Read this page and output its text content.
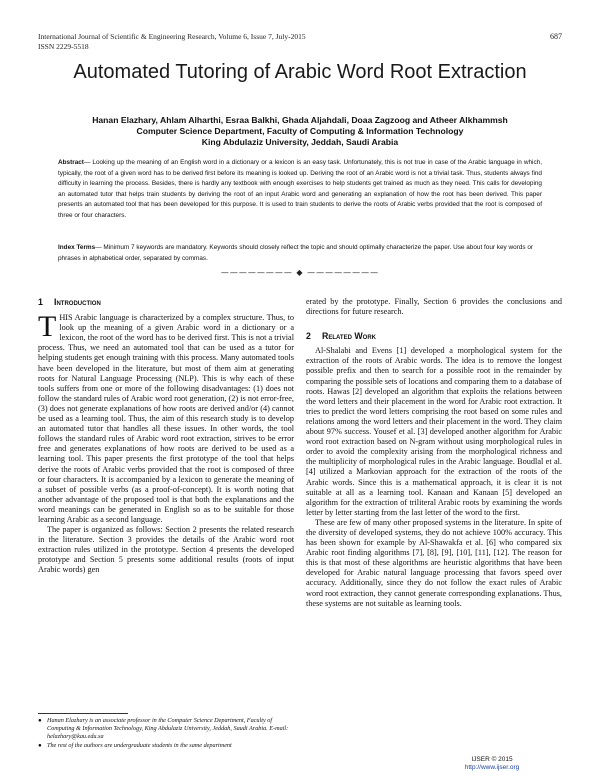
International Journal of Scientific & Engineering Research, Volume 6, Issue 7, July-2015
ISSN 2229-5518
687
Automated Tutoring of Arabic Word Root Extraction
Hanan Elazhary, Ahlam Alharthi, Esraa Balkhi, Ghada Aljahdali, Doaa Zagzoog and Atheer Alkhammsh
Computer Science Department, Faculty of Computing & Information Technology
King Abdulaziz University, Jeddah, Saudi Arabia
Abstract— Looking up the meaning of an English word in a dictionary or a lexicon is an easy task. Unfortunately, this is not true in case of the Arabic language in which, typically, the root of a given word has to be derived first before its meaning is looked up. Deriving the root of an Arabic word is not a trivial task. Thus, students always find difficulty in learning the process. Besides, there is hardly any textbook with enough exercises to help students get trained as much as they need. This calls for developing an automated tutor that helps train students by deriving the root of an input Arabic word and generating an explanation of how the root has been derived. This paper presents an automated tool that has been developed for this purpose. It is used to train students to derive the roots of Arabic verbs provided that the root is composed of three or four characters.
Index Terms— Minimum 7 keywords are mandatory. Keywords should closely reflect the topic and should optimally characterize the paper. Use about four key words or phrases in alphabetical order, separated by commas.
———————— ◆ ————————

1 Introduction

THIS Arabic language is characterized by a complex structure. Thus, to look up the meaning of a given Arabic word in a dictionary or a lexicon, the root of the word has to be derived first. This is not a trivial process. Thus, we need an automated tool that can be used as a tutor for helping students get enough training with this process. Many automated tools have been developed in the literature, but most of them aim at generating roots for Natural Language Processing (NLP). This is why each of these tools suffers from one or more of the following disadvantages: (1) does not follow the standard rules of Arabic word root generation, (2) is not error-free, (3) does not generate explanations of how roots are derived and/or (4) cannot be used as a learning tool. Thus, the aim of this research study is to develop an automated tutor that handles all these issues. In other words, the tool follows the standard rules of Arabic word root extraction, strives to be error free and generates explanations of how roots are derived to be used as a learning tool. This paper presents the first prototype of the tool that helps derive the roots of Arabic verbs provided that the root is composed of three or four characters. It is accompanied by a lexicon to generate the meaning of a subset of possible verbs (as a proof-of-concept). It is worth noting that another advantage of the proposed tool is that both the explanations and the word meanings can be generated in English so as to be suitable for those learning Arabic as a second language.

The paper is organized as follows: Section 2 presents the related research in the literature. Section 3 provides the details of the Arabic word root extraction rules utilized in the prototype. Section 4 presents the developed prototype and Section 5 presents some additional results (roots of input Arabic words) gen

erated by the prototype. Finally, Section 6 provides the conclusions and directions for future research.

2 Related Work

Al-Shalabi and Evens [1] developed a morphological system for the extraction of the roots of Arabic words. The idea is to remove the longest possible prefix and then to search for a possible root in the remainder by comparing the possible sets of locations and comparing them to a database of roots. Hawas [2] developed an algorithm that exploits the relations between the word letters and their placement in the word for Arabic root extraction. It tries to predict the word letters comprising the root based on some rules and relations among the word letters and their placement in the word. They claim about 97% success. Yousef et al. [3] developed another algorithm for Arabic word root extraction based on N-gram without using morphological rules in order to avoid the complexity arising from the morphological richness and the multiplicity of morphological rules in the Arabic language. Boudlal et al. [4] utilized a Markovian approach for the extraction of the roots of the Arabic words. Since this is a mathematical approach, it is clear it is not suitable at all as a learning tool. Kanaan and Kanaan [5] developed an algorithm for the extraction of triliteral Arabic roots by examining the words letter by letter starting from the last letter of the word to the first.

These are few of many other proposed systems in the literature. In spite of the diversity of developed systems, they do not achieve 100% accuracy. This has been shown for example by Al-Shawakfa et al. [6] who compared six Arabic root finding algorithms [7], [8], [9], [10], [11], [12]. The reason for this is that most of these algorithms are heuristic algorithms that have been developed for Arabic natural language processing that favors speed over accuracy. Additionally, since they do not follow the exact rules of Arabic word root extraction, they cannot generate corresponding explanations. Thus, these systems are not suitable as learning tools.

● Hanan Elazhary is an associate professor in the Computer Science Department, Faculty of Computing & Information Technology, King Abdulaziz University, Jeddah, Saudi Arabia. E-mail: helazhary@kau.edu.sa
● The rest of the authors are undergraduate students in the same department
IJSER © 2015
http://www.ijser.org
